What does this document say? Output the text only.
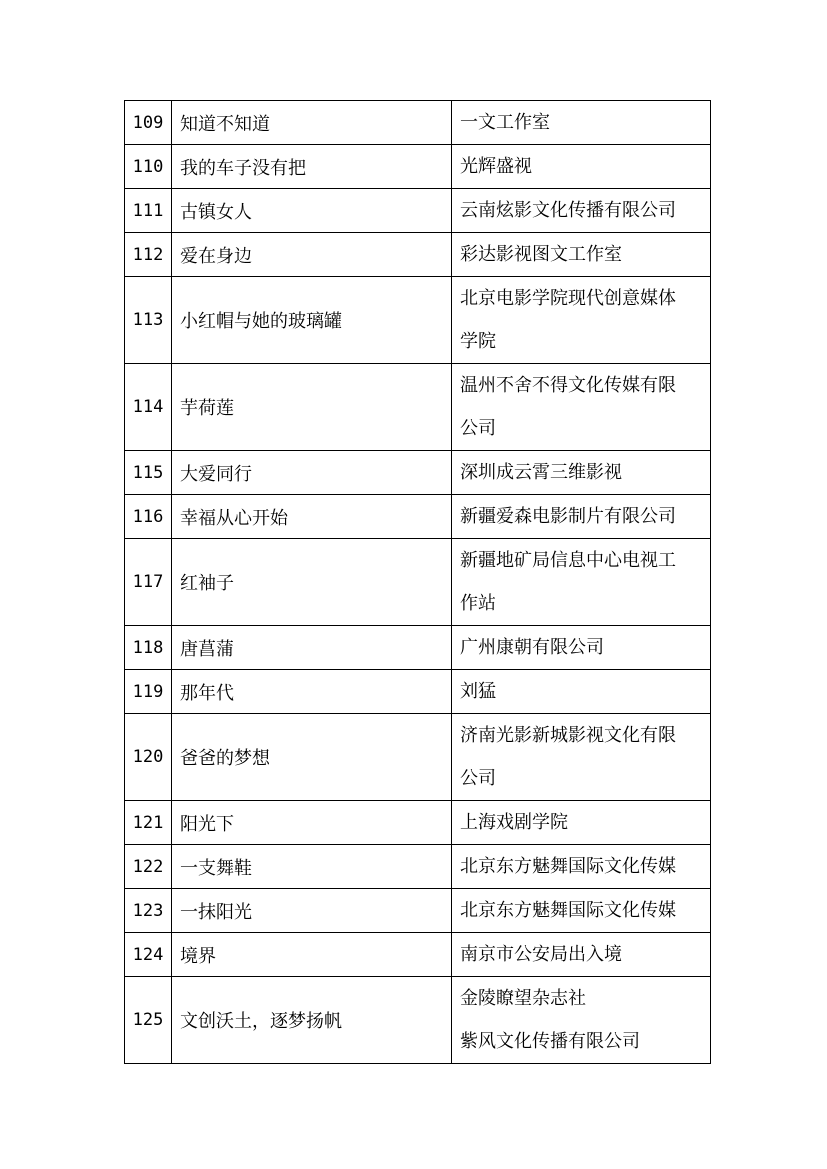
109	知道不知道	一文工作室

110	我的车子没有把	光辉盛视

111	古镇女人	云南炫影文化传播有限公司

112	爱在身边	彩达影视图文工作室

113	小红帽与她的玻璃罐	北京电影学院现代创意媒体
学院

114	芋荷莲	温州不舍不得文化传媒有限
公司

115	大爱同行	深圳成云霄三维影视

116	幸福从心开始	新疆爱森电影制片有限公司

117	红袖子	新疆地矿局信息中心电视工
作站

118	唐菖蒲	广州康朝有限公司

119	那年代	刘猛

120	爸爸的梦想	济南光影新城影视文化有限
公司

121	阳光下	上海戏剧学院

122	一支舞鞋	北京东方魅舞国际文化传媒

123	一抹阳光	北京东方魅舞国际文化传媒

124	境界	南京市公安局出入境

125	文创沃土，逐梦扬帆	金陵瞭望杂志社
紫风文化传播有限公司
